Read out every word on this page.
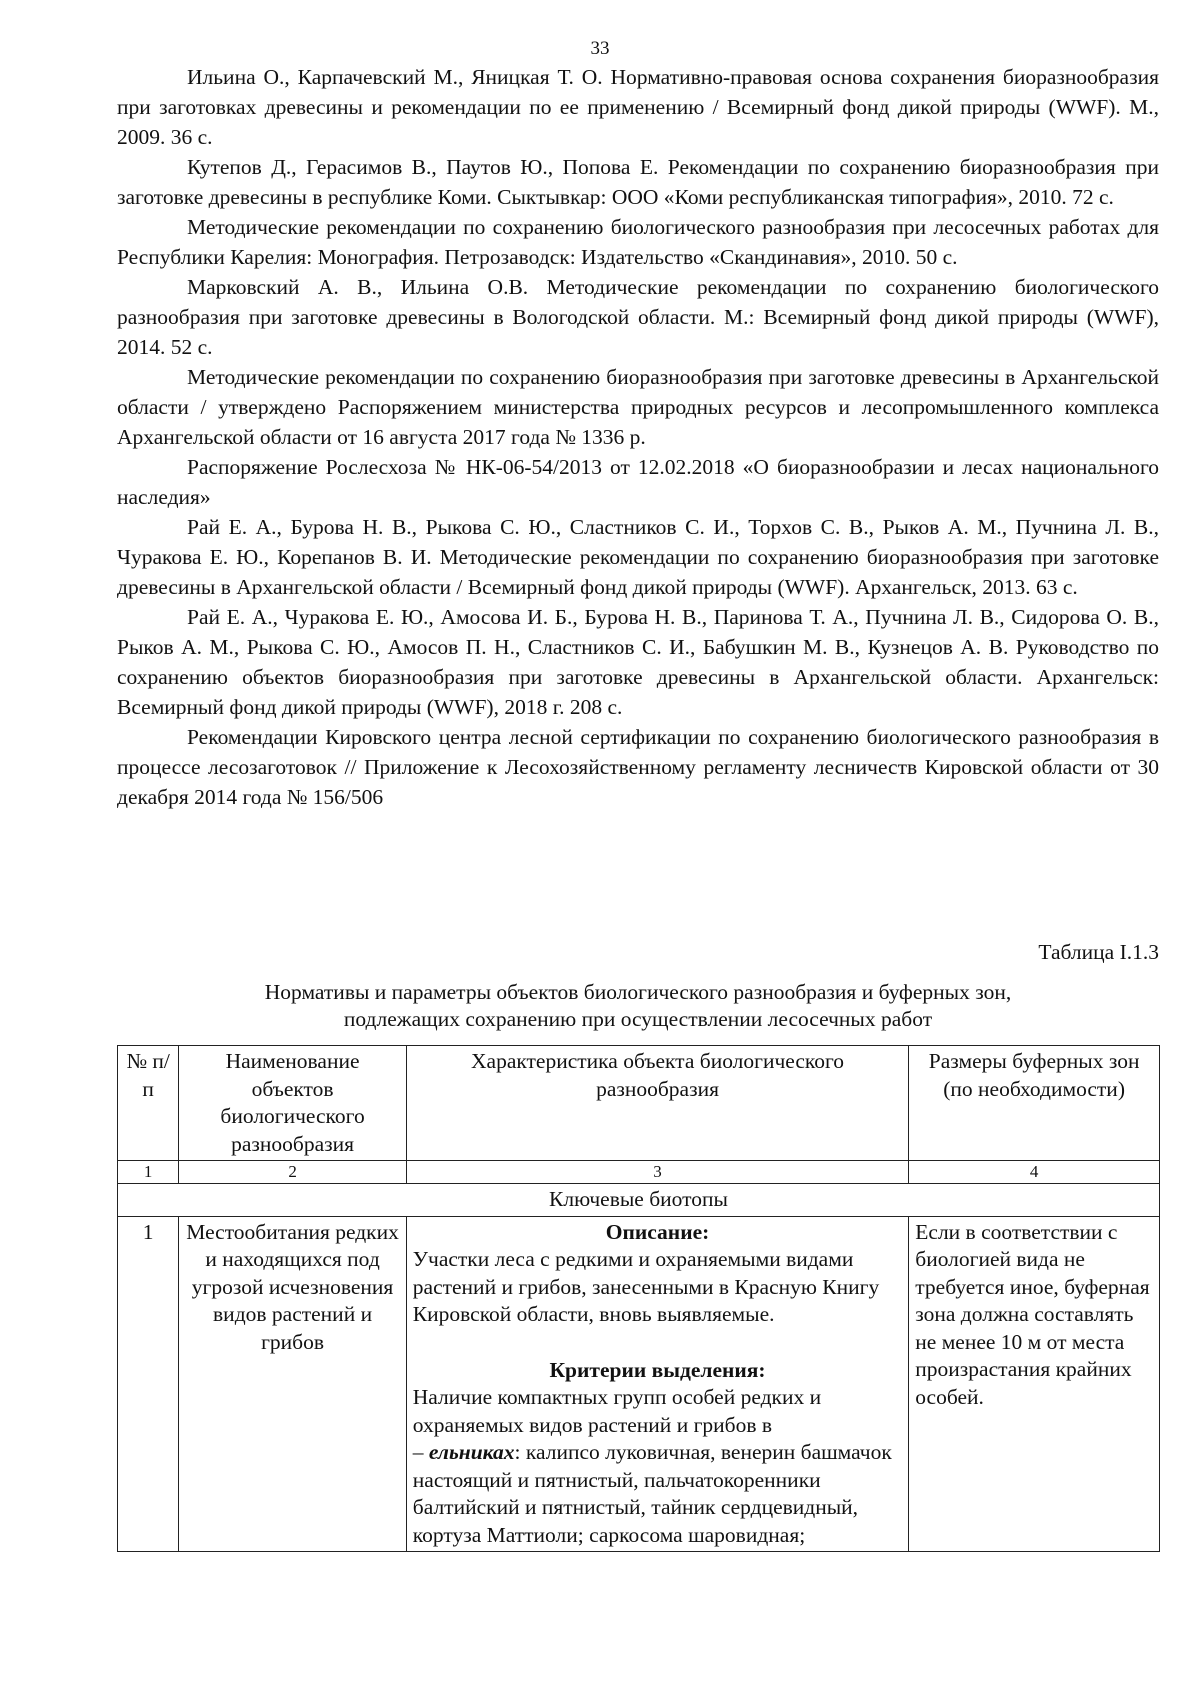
33

Ильина О., Карпачевский М., Яницкая Т. О. Нормативно-правовая основа сохранения биоразнообразия при заготовках древесины и рекомендации по ее применению / Всемирный фонд дикой природы (WWF). М., 2009. 36 с.

Кутепов Д., Герасимов В., Паутов Ю., Попова Е. Рекомендации по сохранению биоразнообразия при заготовке древесины в республике Коми. Сыктывкар: ООО «Коми республиканская типография», 2010. 72 с.

Методические рекомендации по сохранению биологического разнообразия при лесосечных работах для Республики Карелия: Монография. Петрозаводск: Издательство «Скандинавия», 2010. 50 с.

Марковский А. В., Ильина О.В. Методические рекомендации по сохранению биологического разнообразия при заготовке древесины в Вологодской области. М.: Всемирный фонд дикой природы (WWF), 2014. 52 с.

Методические рекомендации по сохранению биоразнообразия при заготовке древесины в Архангельской области / утверждено Распоряжением министерства природных ресурсов и лесопромышленного комплекса Архангельской области от 16 августа 2017 года № 1336 р.

Распоряжение Рослесхоза № НК-06-54/2013 от 12.02.2018 «О биоразнообразии и лесах национального наследия»

Рай Е. А., Бурова Н. В., Рыкова С. Ю., Сластников С. И., Торхов С. В., Рыков А. М., Пучнина Л. В., Чуракова Е. Ю., Корепанов В. И. Методические рекомендации по сохранению биоразнообразия при заготовке древесины в Архангельской области / Всемирный фонд дикой природы (WWF). Архангельск, 2013. 63 с.

Рай Е. А., Чуракова Е. Ю., Амосова И. Б., Бурова Н. В., Паринова Т. А., Пучнина Л. В., Сидорова О. В., Рыков А. М., Рыкова С. Ю., Амосов П. Н., Сластников С. И., Бабушкин М. В., Кузнецов А. В. Руководство по сохранению объектов биоразнообразия при заготовке древесины в Архангельской области. Архангельск: Всемирный фонд дикой природы (WWF), 2018 г. 208 с.

Рекомендации Кировского центра лесной сертификации по сохранению биологического разнообразия в процессе лесозаготовок // Приложение к Лесохозяйственному регламенту лесничеств Кировской области от 30 декабря 2014 года № 156/506

Таблица I.1.3
Нормативы и параметры объектов биологического разнообразия и буферных зон,
подлежащих сохранению при осуществлении лесосечных работ
№ п/п	Наименование объектов биологического разнообразия	Характеристика объекта биологического разнообразия	Размеры буферных зон (по необходимости)
1	2	3	4
Ключевые биотопы			
1	Местообитания редких и находящихся под угрозой исчезновения видов растений и грибов	Описание:
Участки леса с редкими и охраняемыми видами растений и грибов, занесенными в Красную Книгу Кировской области, вновь выявляемые.
Критерии выделения:
Наличие компактных групп особей редких и охраняемых видов растений и грибов в
– ельниках: калипсо луковичная, венерин башмачок настоящий и пятнистый, пальчатокоренники балтийский и пятнистый, тайник сердцевидный, кортуза Маттиоли; саркосома шаровидная;	Если в соответствии с биологией вида не требуется иное, буферная зона должна составлять не менее 10 м от места произрастания крайних особей.
